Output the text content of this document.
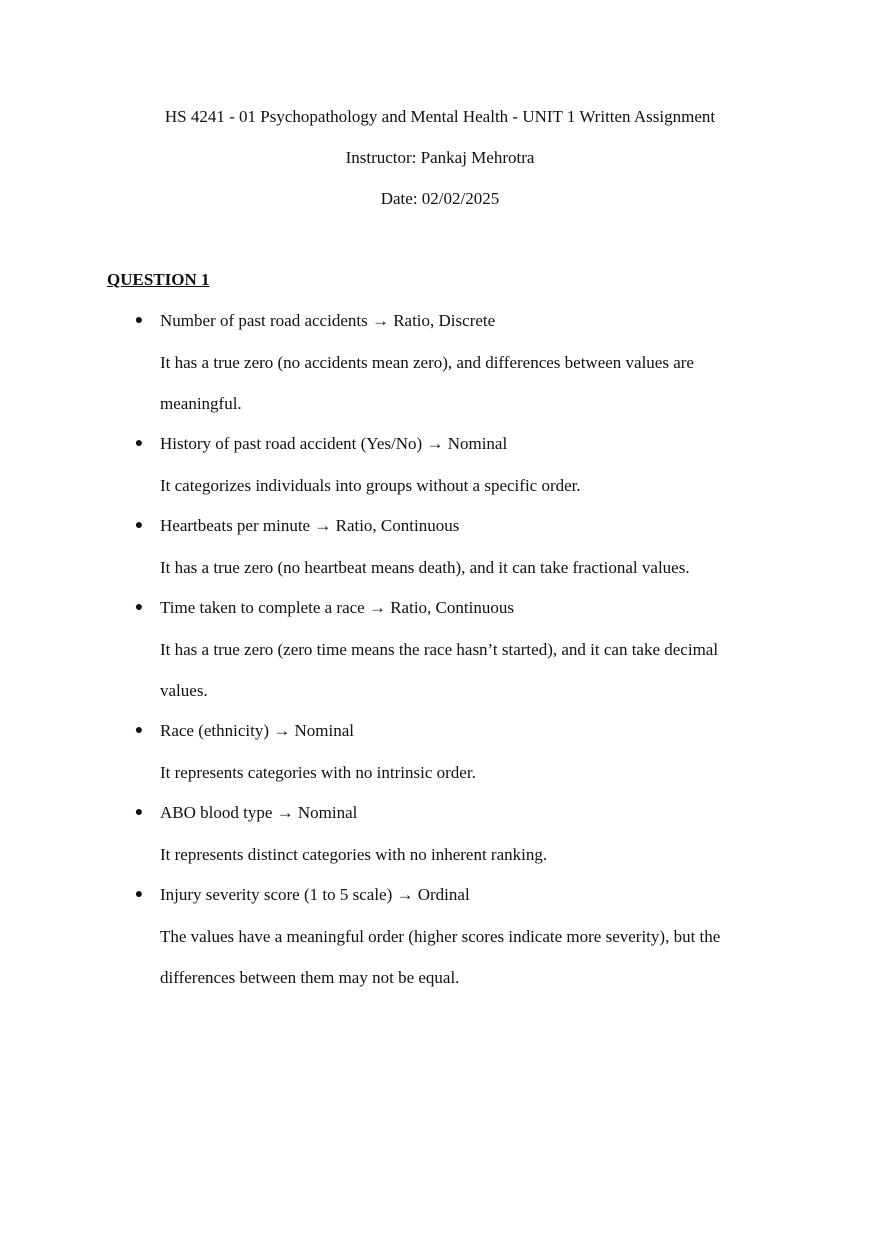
HS 4241 - 01 Psychopathology and Mental Health - UNIT 1 Written Assignment
Instructor: Pankaj Mehrotra
Date: 02/02/2025
QUESTION 1
● Number of past road accidents → Ratio, Discrete
It has a true zero (no accidents mean zero), and differences between values are meaningful.
● History of past road accident (Yes/No) → Nominal
It categorizes individuals into groups without a specific order.
● Heartbeats per minute → Ratio, Continuous
It has a true zero (no heartbeat means death), and it can take fractional values.
● Time taken to complete a race → Ratio, Continuous
It has a true zero (zero time means the race hasn’t started), and it can take decimal values.
● Race (ethnicity) → Nominal
It represents categories with no intrinsic order.
● ABO blood type → Nominal
It represents distinct categories with no inherent ranking.
● Injury severity score (1 to 5 scale) → Ordinal
The values have a meaningful order (higher scores indicate more severity), but the differences between them may not be equal.
